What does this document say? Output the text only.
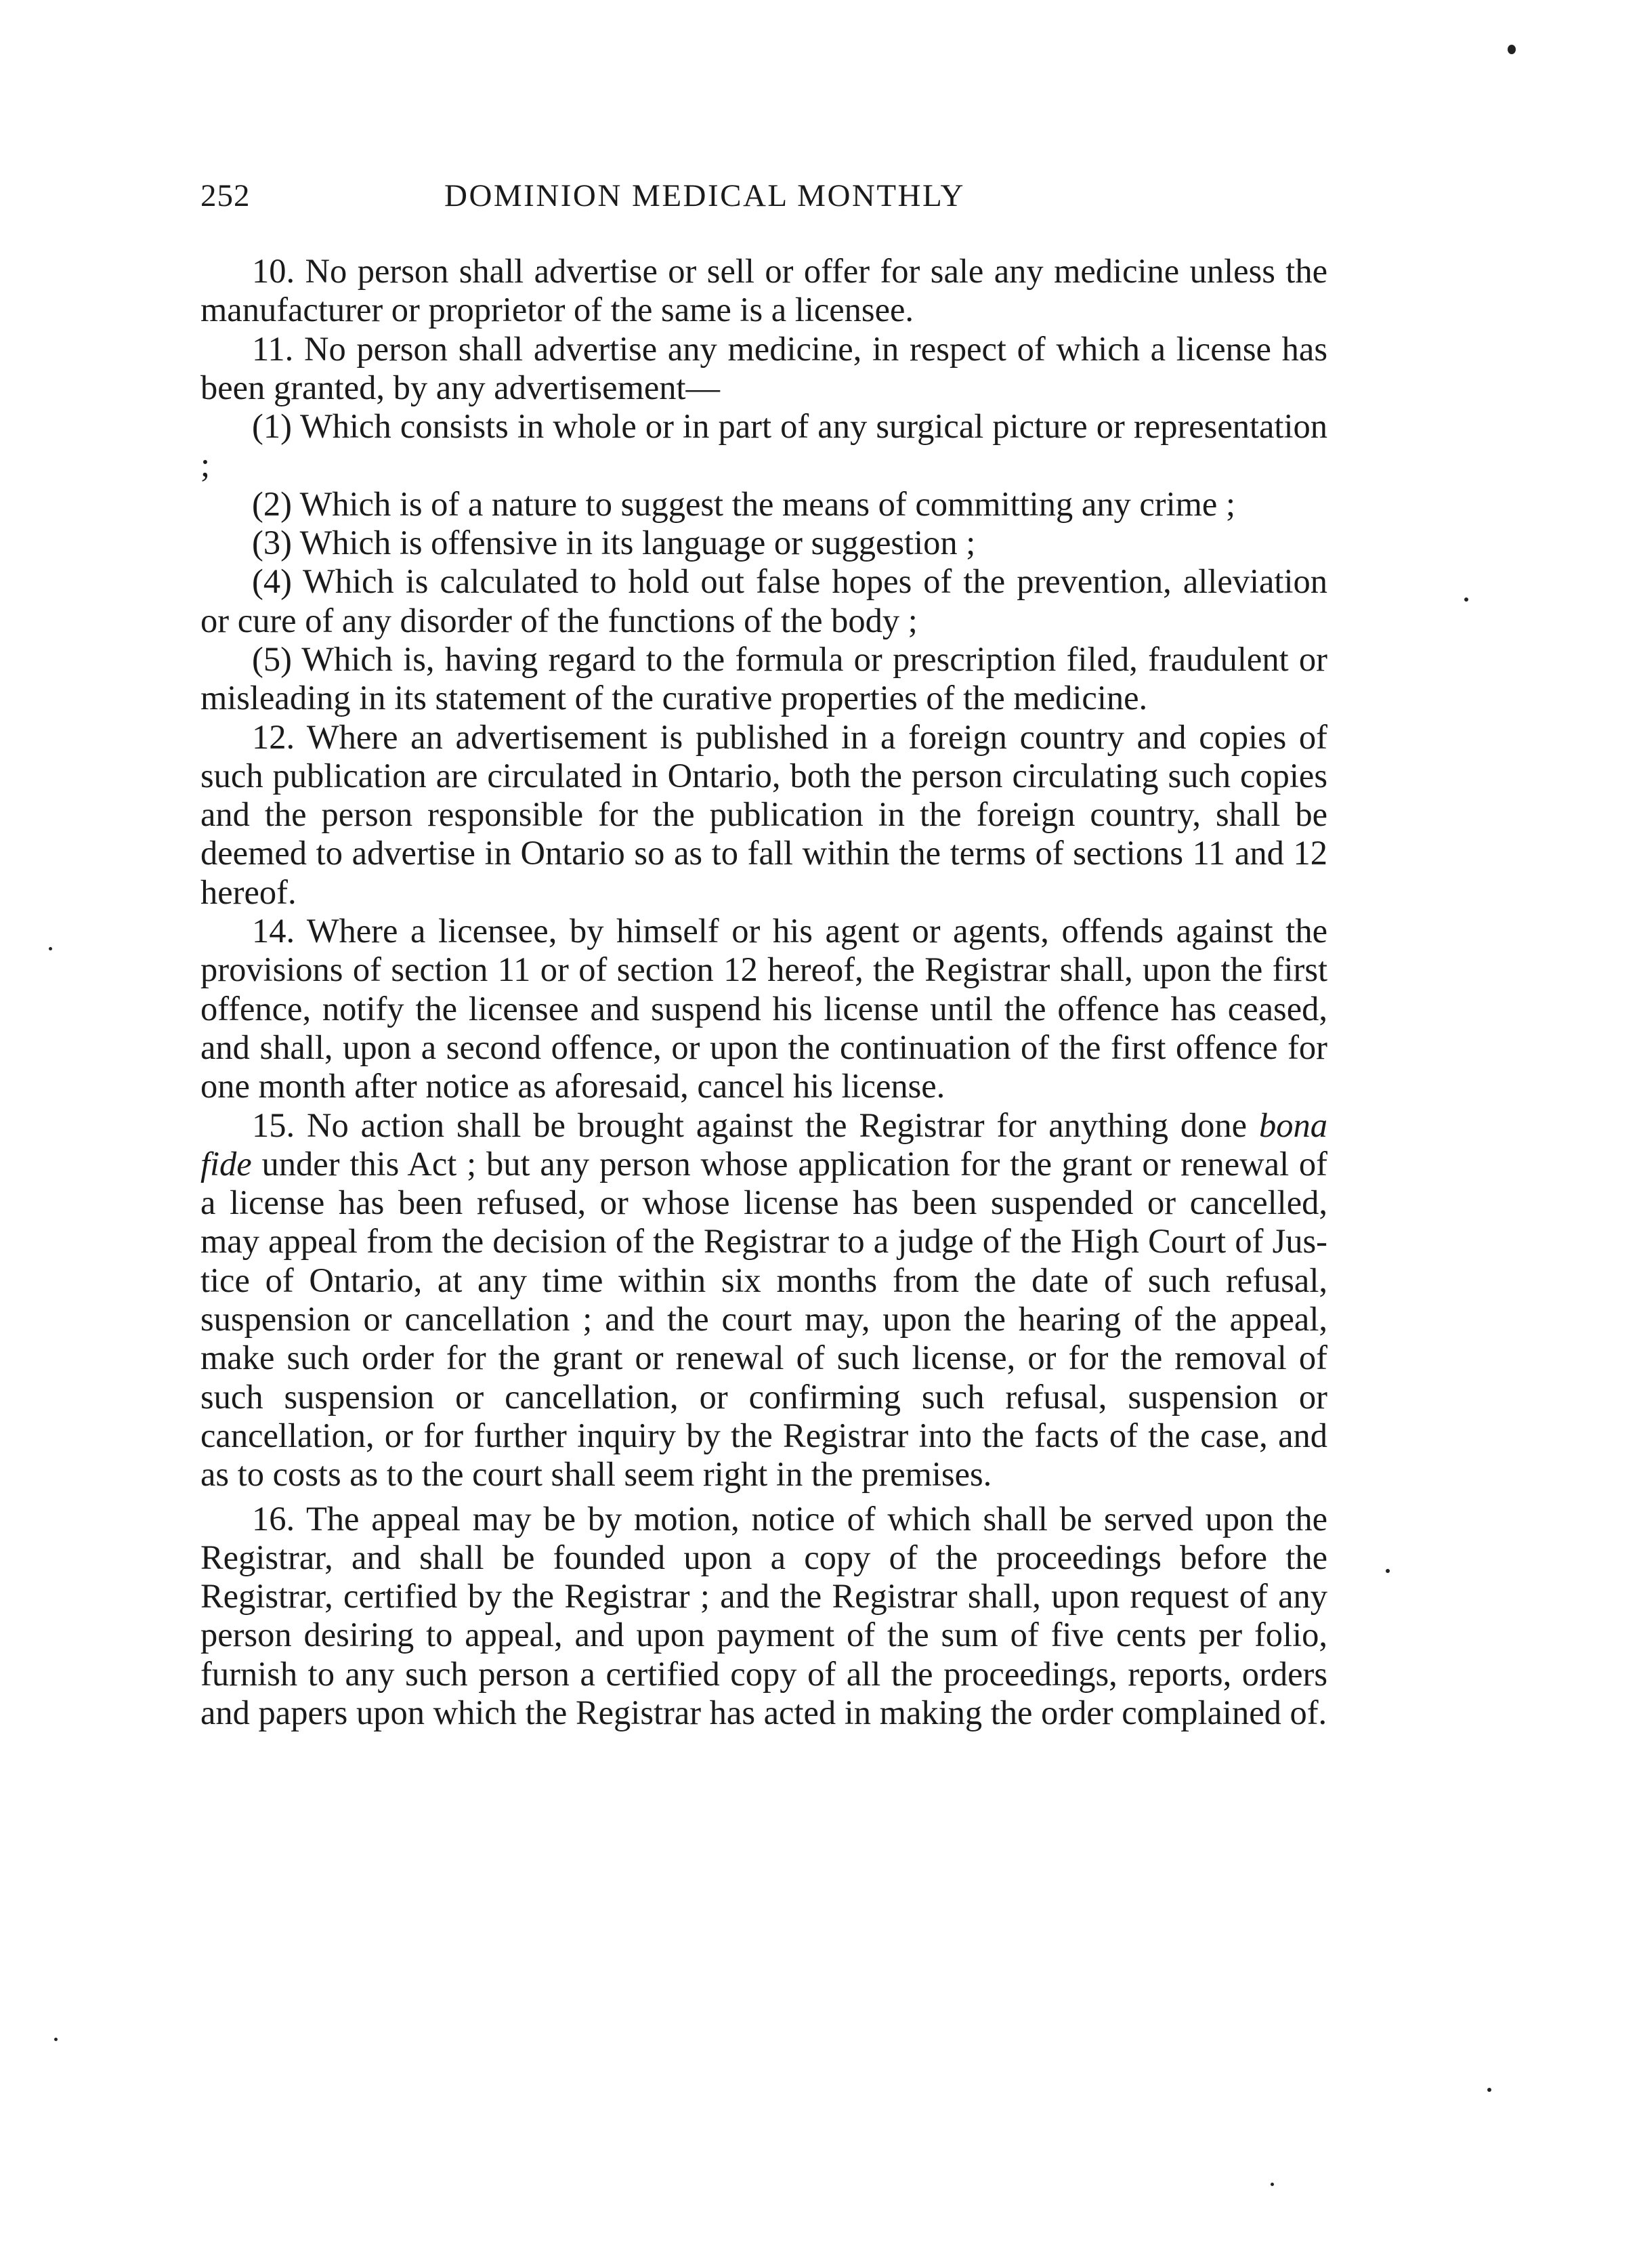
252	DOMINION MEDICAL MONTHLY

10. No person shall advertise or sell or offer for sale any medicine unless the manufacturer or proprietor of the same is a licensee.

11. No person shall advertise any medicine, in respect of which a license has been granted, by any advertisement—

(1) Which consists in whole or in part of any surgical picture or representation ;

(2) Which is of a nature to suggest the means of committing any crime ;

(3) Which is offensive in its language or suggestion ;

(4) Which is calculated to hold out false hopes of the prevention, alleviation or cure of any disorder of the functions of the body ;

(5) Which is, having regard to the formula or prescription filed, fraudulent or misleading in its statement of the curative properties of the medicine.

12. Where an advertisement is published in a foreign country and copies of such publication are circulated in Ontario, both the person circulating such copies and the person responsible for the publication in the foreign country, shall be deemed to advertise in Ontario so as to fall within the terms of sections 11 and 12 hereof.

14. Where a licensee, by himself or his agent or agents, offends against the provisions of section 11 or of section 12 hereof, the Registrar shall, upon the first offence, notify the licensee and suspend his license until the offence has ceased, and shall, upon a second offence, or upon the continuation of the first offence for one month after notice as aforesaid, cancel his license.

15. No action shall be brought against the Registrar for anything done bona fide under this Act ; but any person whose application for the grant or renewal of a license has been refused, or whose license has been suspended or cancelled, may appeal from the decision of the Registrar to a judge of the High Court of Justice of Ontario, at any time within six months from the date of such refusal, suspension or cancellation ; and the court may, upon the hearing of the appeal, make such order for the grant or renewal of such license, or for the removal of such suspension or cancellation, or confirming such refusal, suspension or cancellation, or for further inquiry by the Registrar into the facts of the case, and as to costs as to the court shall seem right in the premises.

16. The appeal may be by motion, notice of which shall be served upon the Registrar, and shall be founded upon a copy of the proceedings before the Registrar, certified by the Registrar ; and the Registrar shall, upon request of any person desiring to appeal, and upon payment of the sum of five cents per folio, furnish to any such person a certified copy of all the proceedings, reports, orders and papers upon which the Registrar has acted in making the order complained of.
